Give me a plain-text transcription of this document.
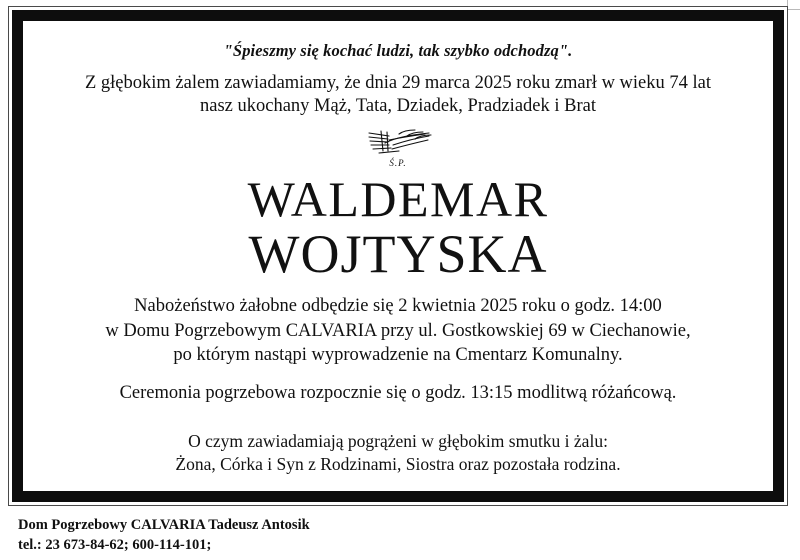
"Śpieszmy się kochać ludzi, tak szybko odchodzą".
Z głębokim żalem zawiadamiamy, że dnia 29 marca 2025 roku zmarł w wieku 74 lat
nasz ukochany Mąż, Tata, Dziadek, Pradziadek i Brat
Ś.P.
WALDEMAR
WOJTYSKA
Nabożeństwo żałobne odbędzie się 2 kwietnia 2025 roku o godz. 14:00
w Domu Pogrzebowym CALVARIA przy ul. Gostkowskiej 69 w Ciechanowie,
po którym nastąpi wyprowadzenie na Cmentarz Komunalny.
Ceremonia pogrzebowa rozpocznie się o godz. 13:15 modlitwą różańcową.
O czym zawiadamiają pogrążeni w głębokim smutku i żalu:
Żona, Córka i Syn z Rodzinami, Siostra oraz pozostała rodzina.
Dom Pogrzebowy CALVARIA Tadeusz Antosik
tel.: 23 673-84-62; 600-114-101;
